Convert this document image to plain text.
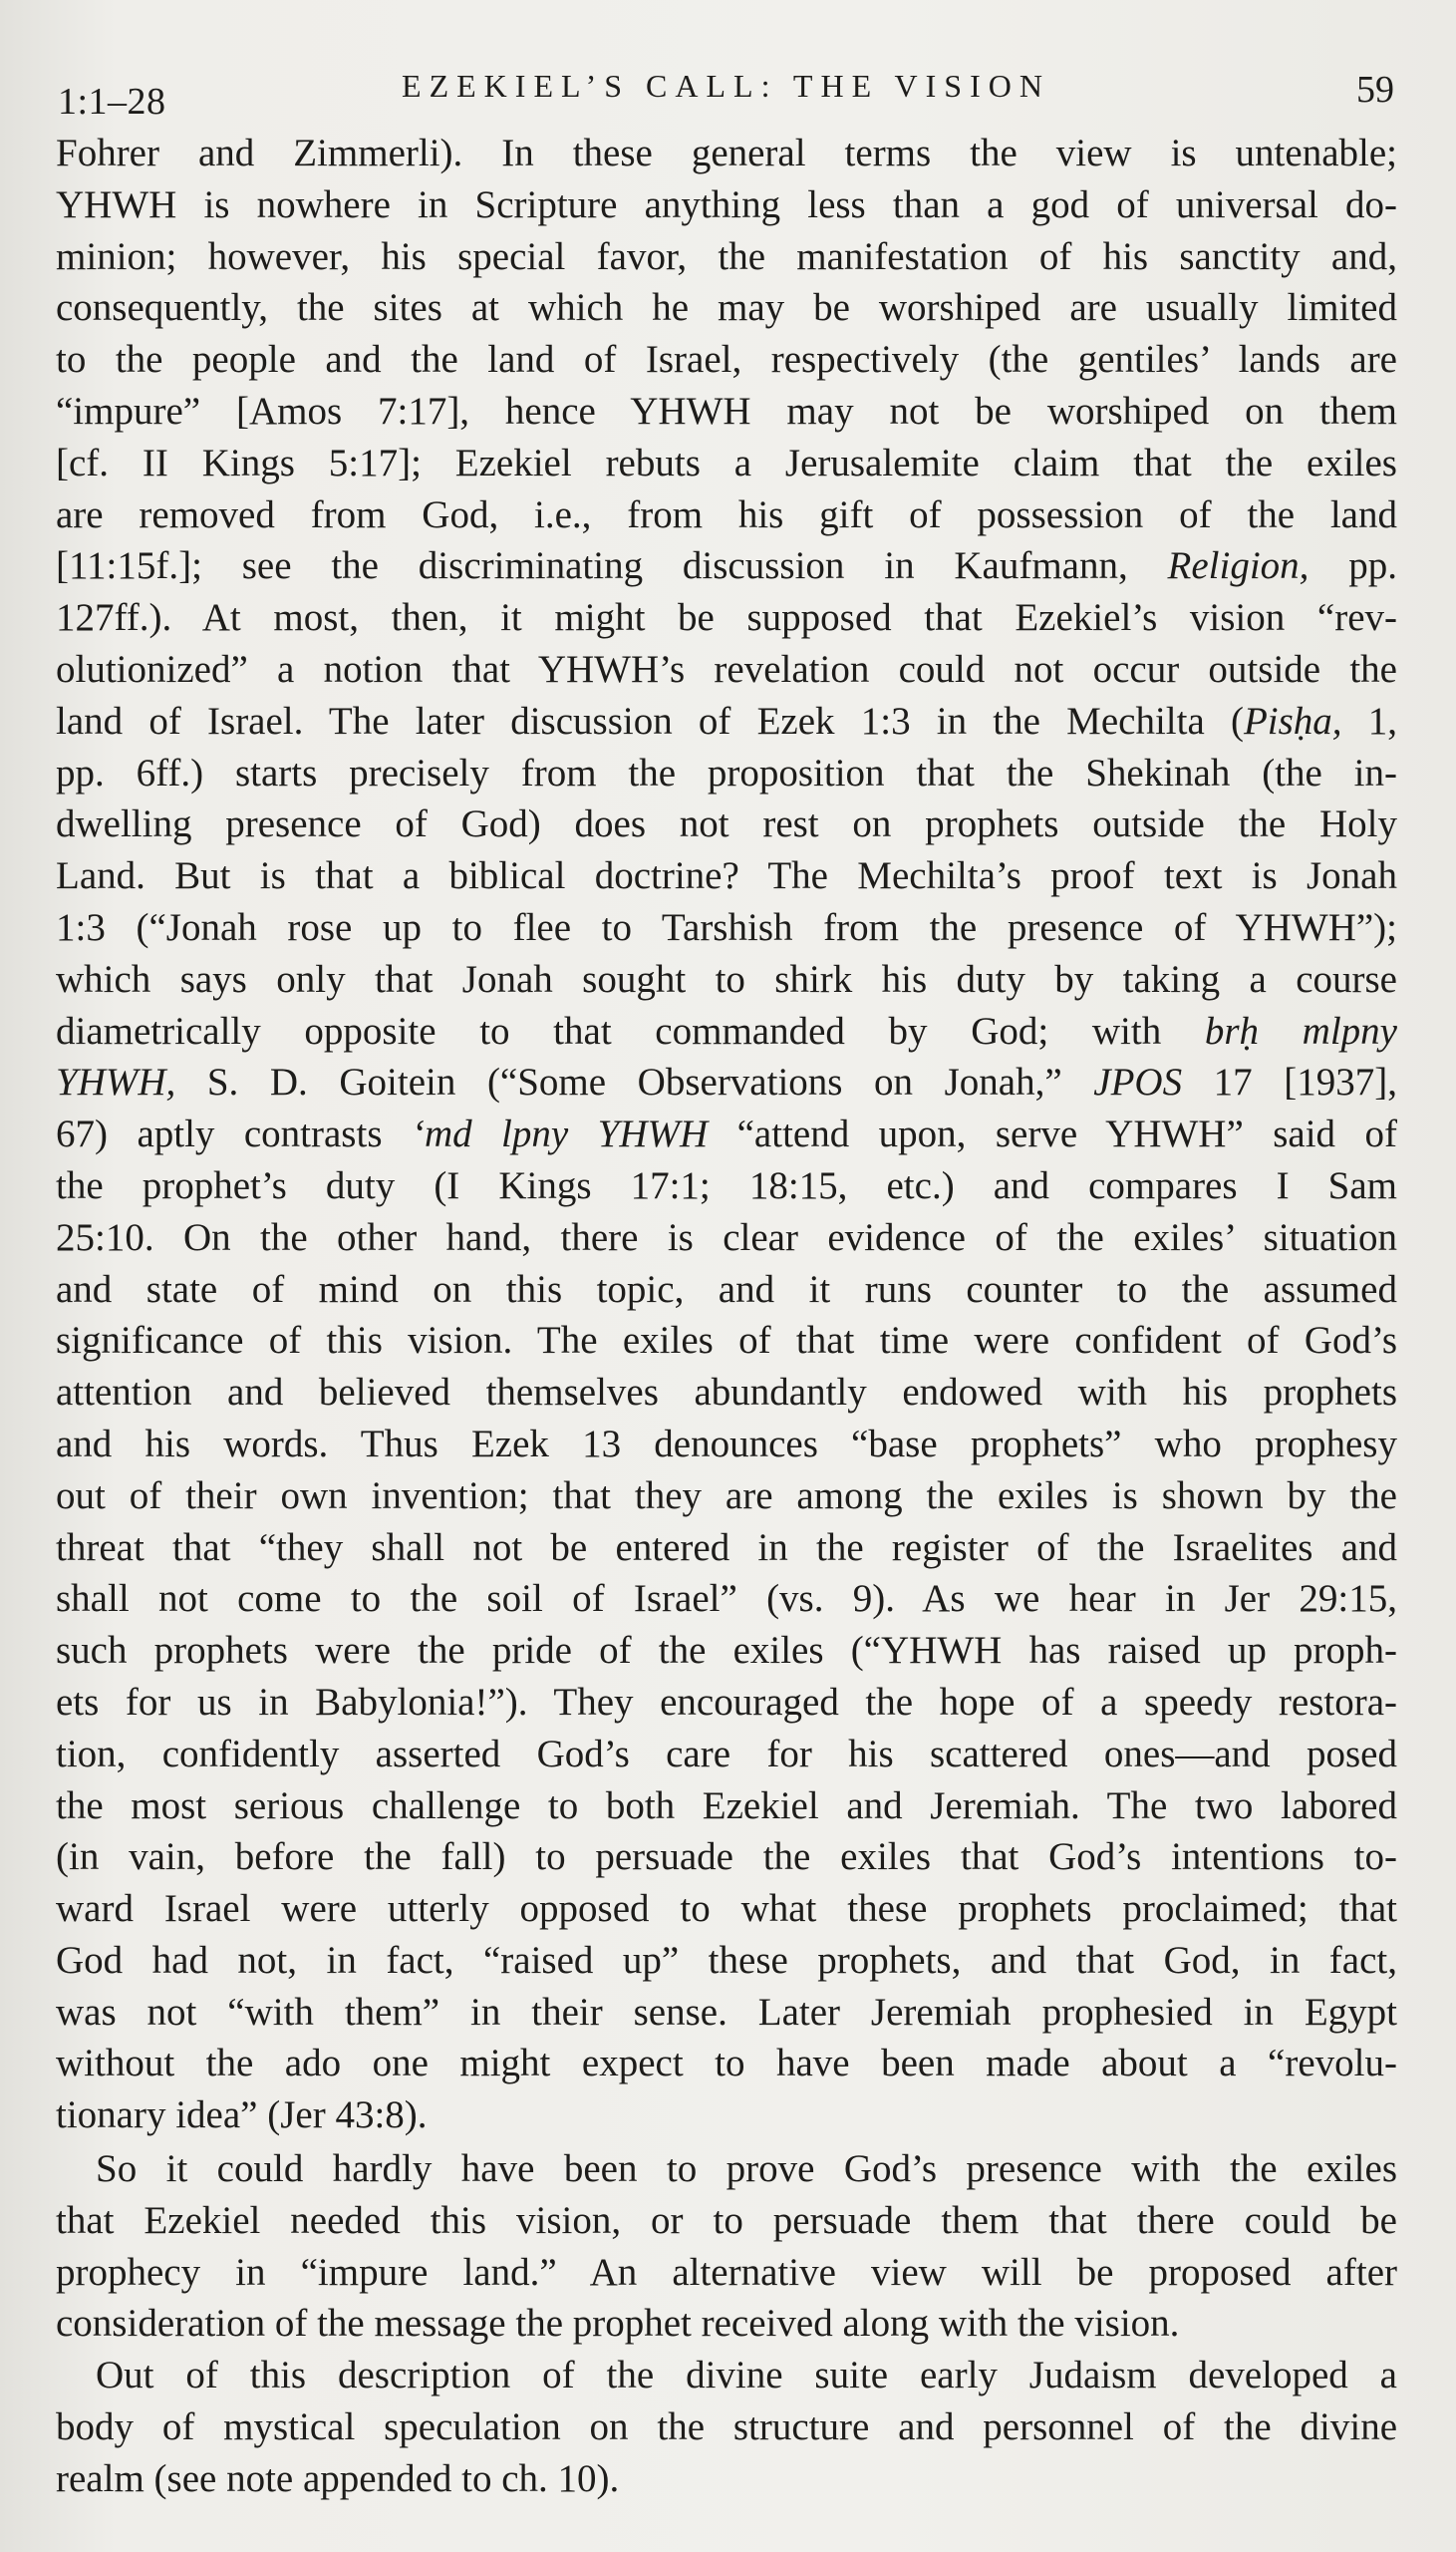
1:1–28	EZEKIEL’S CALL: THE VISION	59
Fohrer and Zimmerli). In these general terms the view is untenable;
YHWH is nowhere in Scripture anything less than a god of universal do-
minion; however, his special favor, the manifestation of his sanctity and,
consequently, the sites at which he may be worshiped are usually limited
to the people and the land of Israel, respectively (the gentiles’ lands are
“impure” [Amos 7:17], hence YHWH may not be worshiped on them
[cf. II Kings 5:17]; Ezekiel rebuts a Jerusalemite claim that the exiles
are removed from God, i.e., from his gift of possession of the land
[11:15f.]; see the discriminating discussion in Kaufmann, Religion, pp.
127ff.). At most, then, it might be supposed that Ezekiel’s vision “rev-
olutionized” a notion that YHWH’s revelation could not occur outside the
land of Israel. The later discussion of Ezek 1:3 in the Mechilta (Pisḥa, 1,
pp. 6ff.) starts precisely from the proposition that the Shekinah (the in-
dwelling presence of God) does not rest on prophets outside the Holy
Land. But is that a biblical doctrine? The Mechilta’s proof text is Jonah
1:3 (“Jonah rose up to flee to Tarshish from the presence of YHWH”);
which says only that Jonah sought to shirk his duty by taking a course
diametrically opposite to that commanded by God; with brḥ mlpny
YHWH, S. D. Goitein (“Some Observations on Jonah,” JPOS 17 [1937],
67) aptly contrasts ‘md lpny YHWH “attend upon, serve YHWH” said of
the prophet’s duty (I Kings 17:1; 18:15, etc.) and compares I Sam
25:10. On the other hand, there is clear evidence of the exiles’ situation
and state of mind on this topic, and it runs counter to the assumed
significance of this vision. The exiles of that time were confident of God’s
attention and believed themselves abundantly endowed with his prophets
and his words. Thus Ezek 13 denounces “base prophets” who prophesy
out of their own invention; that they are among the exiles is shown by the
threat that “they shall not be entered in the register of the Israelites and
shall not come to the soil of Israel” (vs. 9). As we hear in Jer 29:15,
such prophets were the pride of the exiles (“YHWH has raised up proph-
ets for us in Babylonia!”). They encouraged the hope of a speedy restora-
tion, confidently asserted God’s care for his scattered ones—and posed
the most serious challenge to both Ezekiel and Jeremiah. The two labored
(in vain, before the fall) to persuade the exiles that God’s intentions to-
ward Israel were utterly opposed to what these prophets proclaimed; that
God had not, in fact, “raised up” these prophets, and that God, in fact,
was not “with them” in their sense. Later Jeremiah prophesied in Egypt
without the ado one might expect to have been made about a “revolu-
tionary idea” (Jer 43:8).
So it could hardly have been to prove God’s presence with the exiles
that Ezekiel needed this vision, or to persuade them that there could be
prophecy in “impure land.” An alternative view will be proposed after
consideration of the message the prophet received along with the vision.
Out of this description of the divine suite early Judaism developed a
body of mystical speculation on the structure and personnel of the divine
realm (see note appended to ch. 10).
